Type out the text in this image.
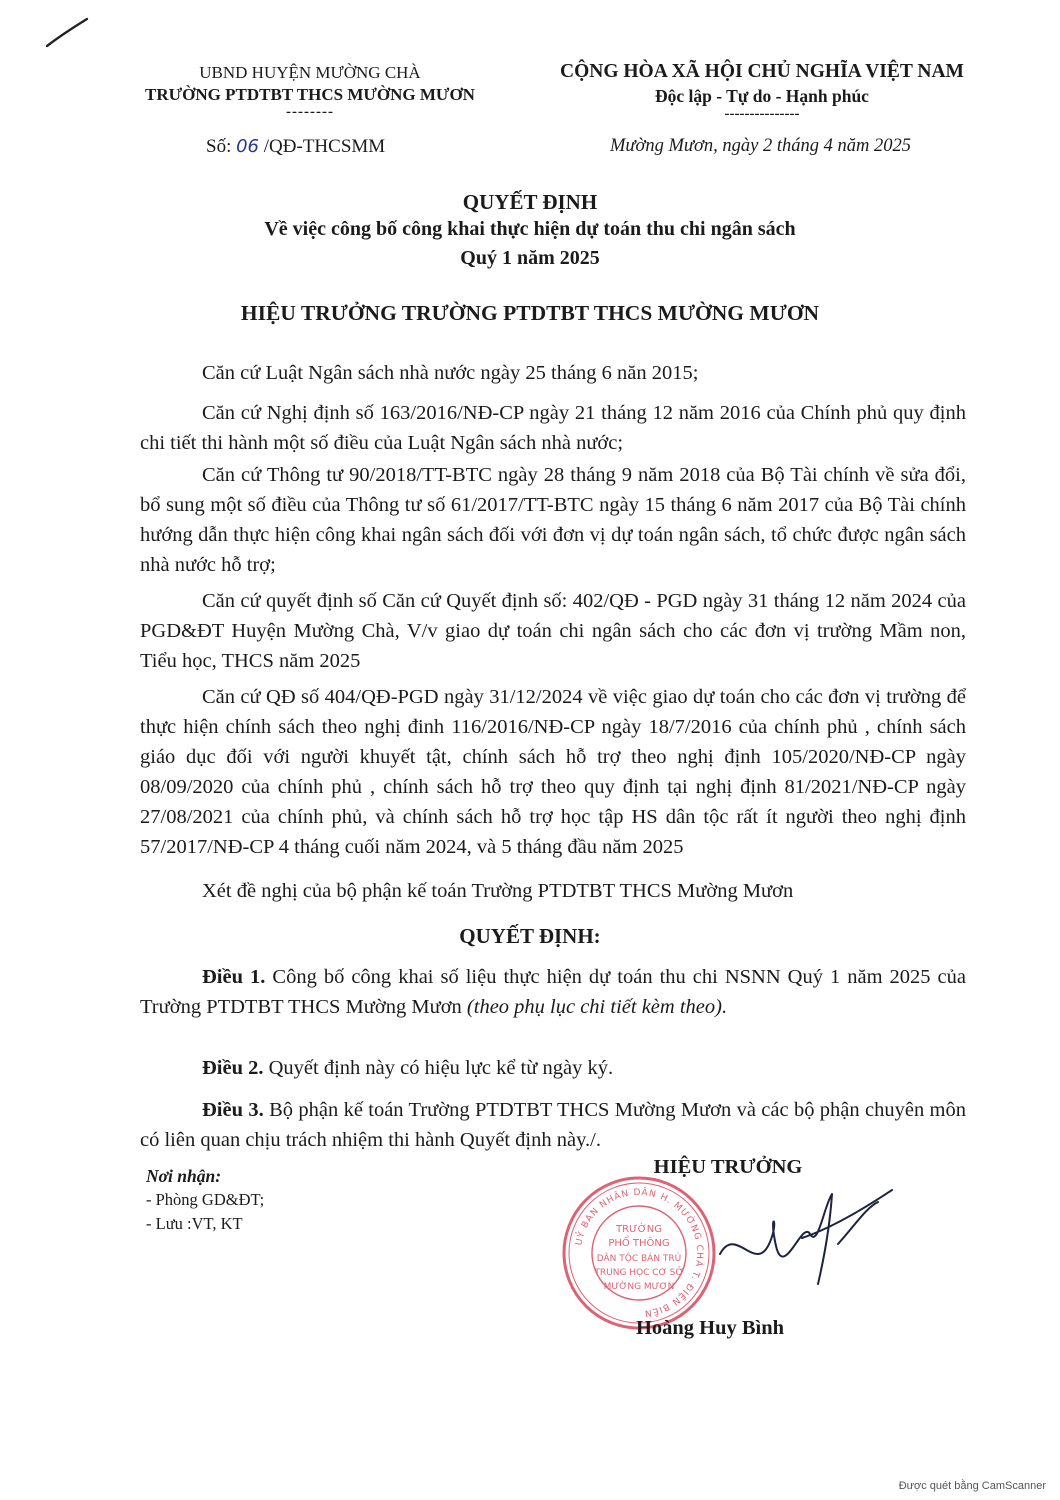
UBND HUYỆN MƯỜNG CHÀ
TRƯỜNG PTDTBT THCS MƯỜNG MƯƠN
--------
CỘNG HÒA XÃ HỘI CHỦ NGHĨA VIỆT NAM
Độc lập - Tự do - Hạnh phúc
---------------
Số: 06 /QĐ-THCSMM	Mường Mươn, ngày 2 tháng 4 năm 2025
QUYẾT ĐỊNH
Về việc công bố công khai thực hiện dự toán thu chi ngân sách
Quý 1 năm 2025
HIỆU TRƯỞNG TRƯỜNG PTDTBT THCS MƯỜNG MƯƠN
Căn cứ Luật Ngân sách nhà nước ngày 25 tháng 6 năn 2015;
Căn cứ Nghị định số 163/2016/NĐ-CP ngày 21 tháng 12 năm 2016 của Chính phủ quy định chi tiết thi hành một số điều của Luật Ngân sách nhà nước;
Căn cứ Thông tư 90/2018/TT-BTC ngày 28 tháng 9 năm 2018 của Bộ Tài chính về sửa đổi, bổ sung một số điều của Thông tư số 61/2017/TT-BTC ngày 15 tháng 6 năm 2017 của Bộ Tài chính hướng dẫn thực hiện công khai ngân sách đối với đơn vị dự toán ngân sách, tổ chức được ngân sách nhà nước hỗ trợ;
Căn cứ quyết định số Căn cứ Quyết định số: 402/QĐ - PGD ngày 31 tháng 12 năm 2024 của PGD&ĐT Huyện Mường Chà, V/v giao dự toán chi ngân sách cho các đơn vị trường Mầm non, Tiểu học, THCS năm 2025
Căn cứ QĐ số 404/QĐ-PGD ngày 31/12/2024 về việc giao dự toán cho các đơn vị trường để thực hiện chính sách theo nghị đinh 116/2016/NĐ-CP ngày 18/7/2016 của chính phủ , chính sách giáo dục đối với người khuyết tật, chính sách hỗ trợ theo nghị định 105/2020/NĐ-CP ngày 08/09/2020 của chính phủ , chính sách hỗ trợ theo quy định tại nghị định 81/2021/NĐ-CP ngày 27/08/2021 của chính phủ, và chính sách hỗ trợ học tập HS dân tộc rất ít người theo nghị định 57/2017/NĐ-CP 4 tháng cuối năm 2024, và 5 tháng đầu năm 2025
Xét đề nghị của bộ phận kế toán Trường PTDTBT THCS Mường Mươn
QUYẾT ĐỊNH:
Điều 1. Công bố công khai số liệu thực hiện dự toán thu chi NSNN Quý 1 năm 2025 của Trường PTDTBT THCS Mường Mươn (theo phụ lục chi tiết kèm theo).
Điều 2. Quyết định này có hiệu lực kể từ ngày ký.
Điều 3. Bộ phận kế toán Trường PTDTBT THCS Mường Mươn và các bộ phận chuyên môn có liên quan chịu trách nhiệm thi hành Quyết định này./.
Nơi nhận:
- Phòng GD&ĐT;
- Lưu :VT, KT
UỶ BAN NHÂN DÂN H. MƯỜNG CHÀ T. ĐIỆN BIÊN
TRƯỜNG
PHỔ THÔNG
DÂN TỘC BÁN TRÚ
TRUNG HỌC CƠ SỞ
MƯỜNG MƯƠN
HIỆU TRƯỞNG
Hoàng Huy Bình
Được quét bằng CamScanner
